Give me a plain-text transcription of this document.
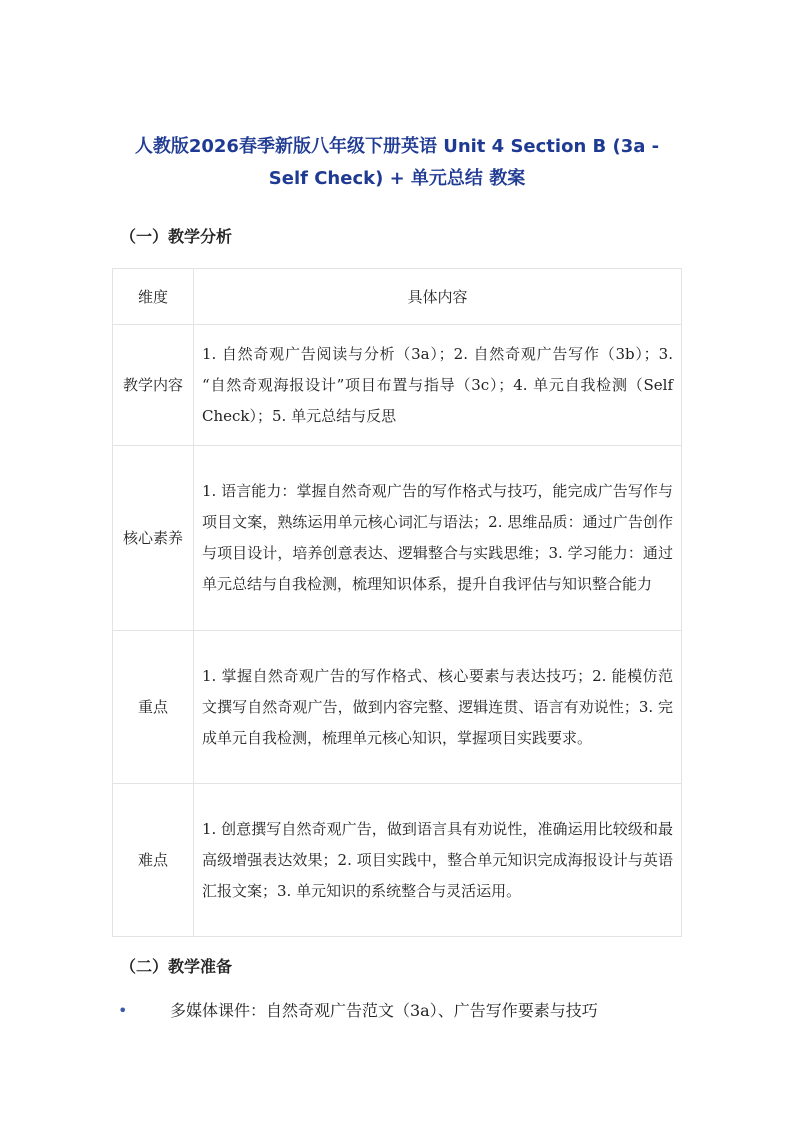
人教版2026春季新版八年级下册英语 Unit 4 Section B (3a - Self Check) + 单元总结 教案
（一）教学分析
维度	具体内容
教学内容	1. 自然奇观广告阅读与分析（3a）；2. 自然奇观广告写作（3b）；3. “自然奇观海报设计”项目布置与指导（3c）；4. 单元自我检测（Self Check）；5. 单元总结与反思
核心素养	1. 语言能力：掌握自然奇观广告的写作格式与技巧，能完成广告写作与项目文案，熟练运用单元核心词汇与语法；2. 思维品质：通过广告创作与项目设计，培养创意表达、逻辑整合与实践思维；3. 学习能力：通过单元总结与自我检测，梳理知识体系，提升自我评估与知识整合能力
重点	1. 掌握自然奇观广告的写作格式、核心要素与表达技巧；2. 能模仿范文撰写自然奇观广告，做到内容完整、逻辑连贯、语言有劝说性；3. 完成单元自我检测，梳理单元核心知识，掌握项目实践要求。
难点	1. 创意撰写自然奇观广告，做到语言具有劝说性，准确运用比较级和最高级增强表达效果；2. 项目实践中，整合单元知识完成海报设计与英语汇报文案；3. 单元知识的系统整合与灵活运用。
（二）教学准备
•	多媒体课件：自然奇观广告范文（3a）、广告写作要素与技巧
